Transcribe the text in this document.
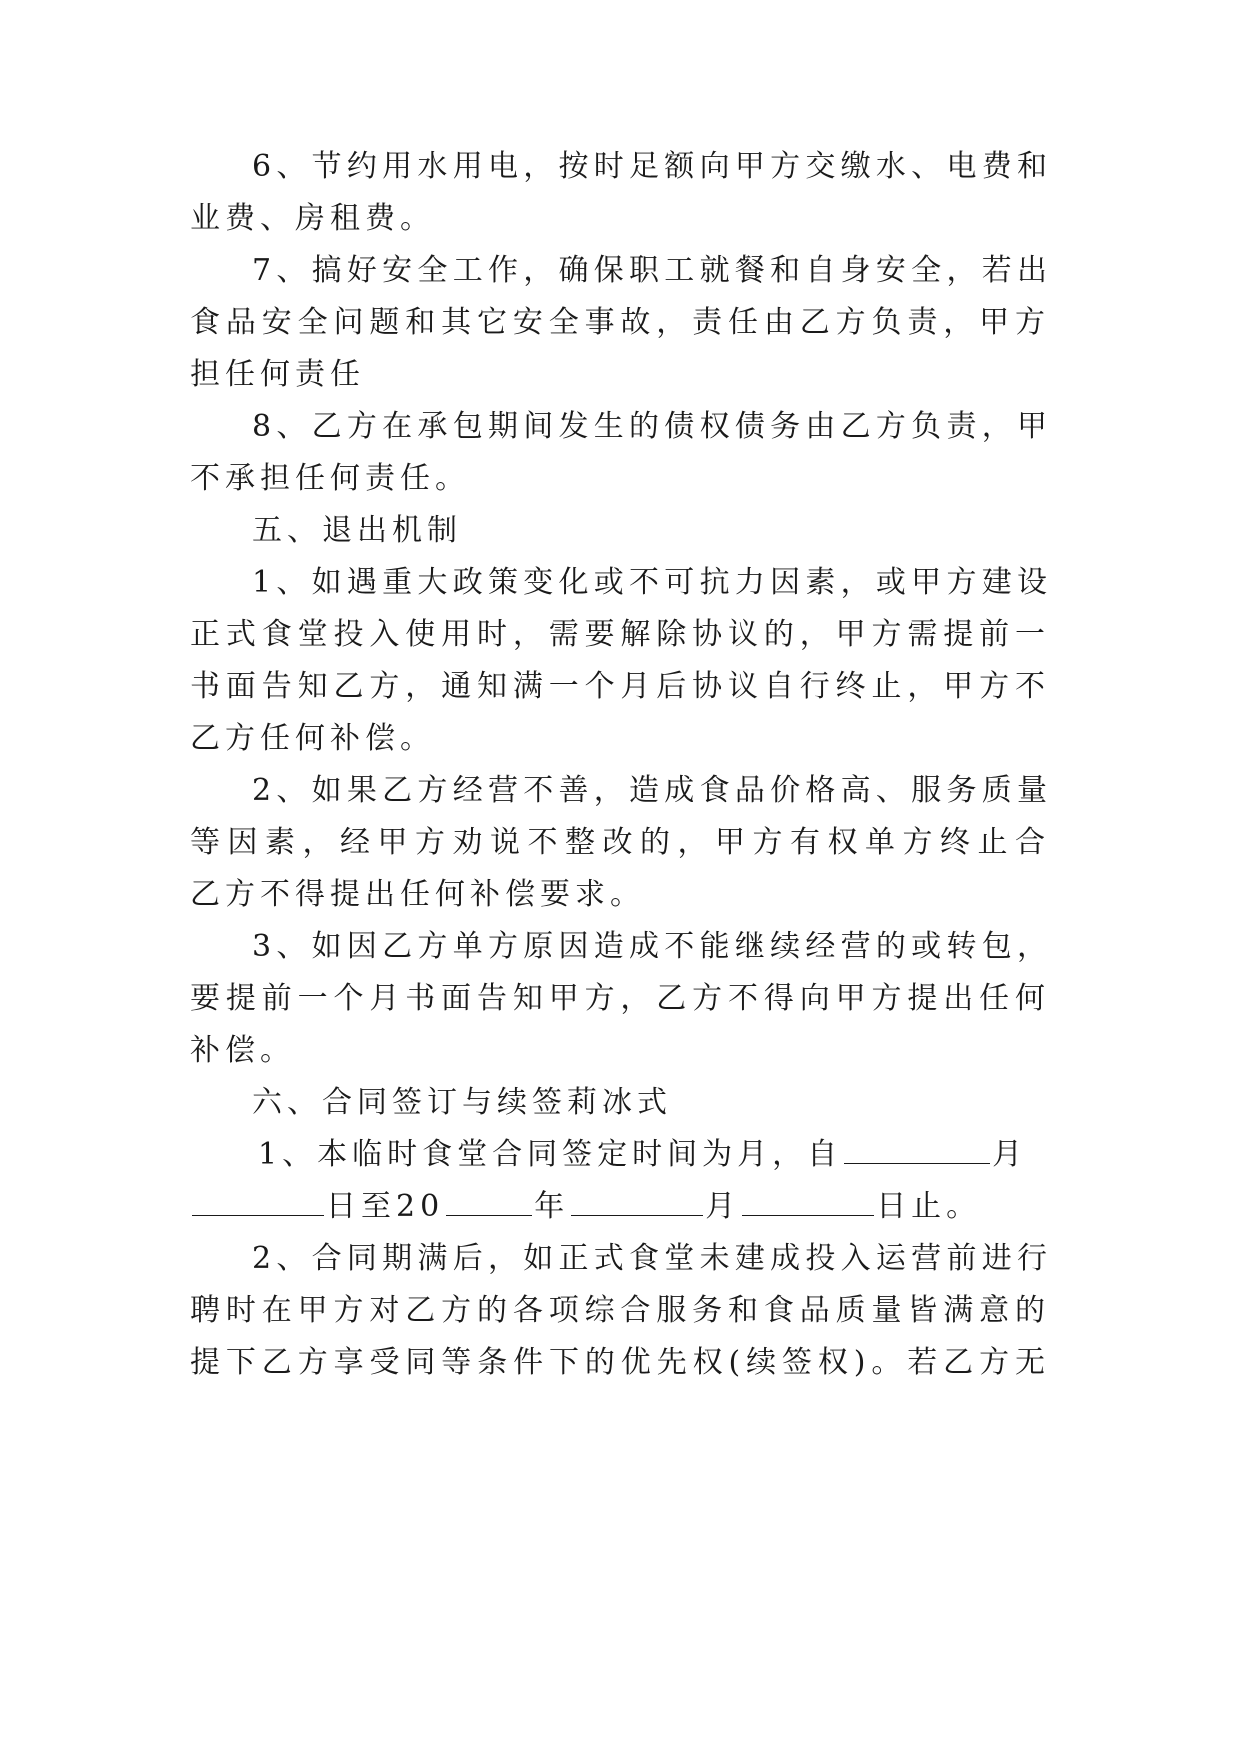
6、节约用水用电，按时足额向甲方交缴水、电费和
业费、房租费。
7、搞好安全工作，确保职工就餐和自身安全，若出
食品安全问题和其它安全事故，责任由乙方负责，甲方
担任何责任
8、乙方在承包期间发生的债权债务由乙方负责，甲
不承担任何责任。
五、退出机制
1、如遇重大政策变化或不可抗力因素，或甲方建设
正式食堂投入使用时，需要解除协议的，甲方需提前一
书面告知乙方，通知满一个月后协议自行终止，甲方不
乙方任何补偿。
2、如果乙方经营不善，造成食品价格高、服务质量
等因素，经甲方劝说不整改的，甲方有权单方终止合
乙方不得提出任何补偿要求。
3、如因乙方单方原因造成不能继续经营的或转包，
要提前一个月书面告知甲方，乙方不得向甲方提出任何
补偿。
六、合同签订与续签莉冰式
1、本临时食堂合同签定时间为月，自	月
日至20	年	月	日止。
2、合同期满后，如正式食堂未建成投入运营前进行
聘时在甲方对乙方的各项综合服务和食品质量皆满意的
提下乙方享受同等条件下的优先权(续签权)。若乙方无
